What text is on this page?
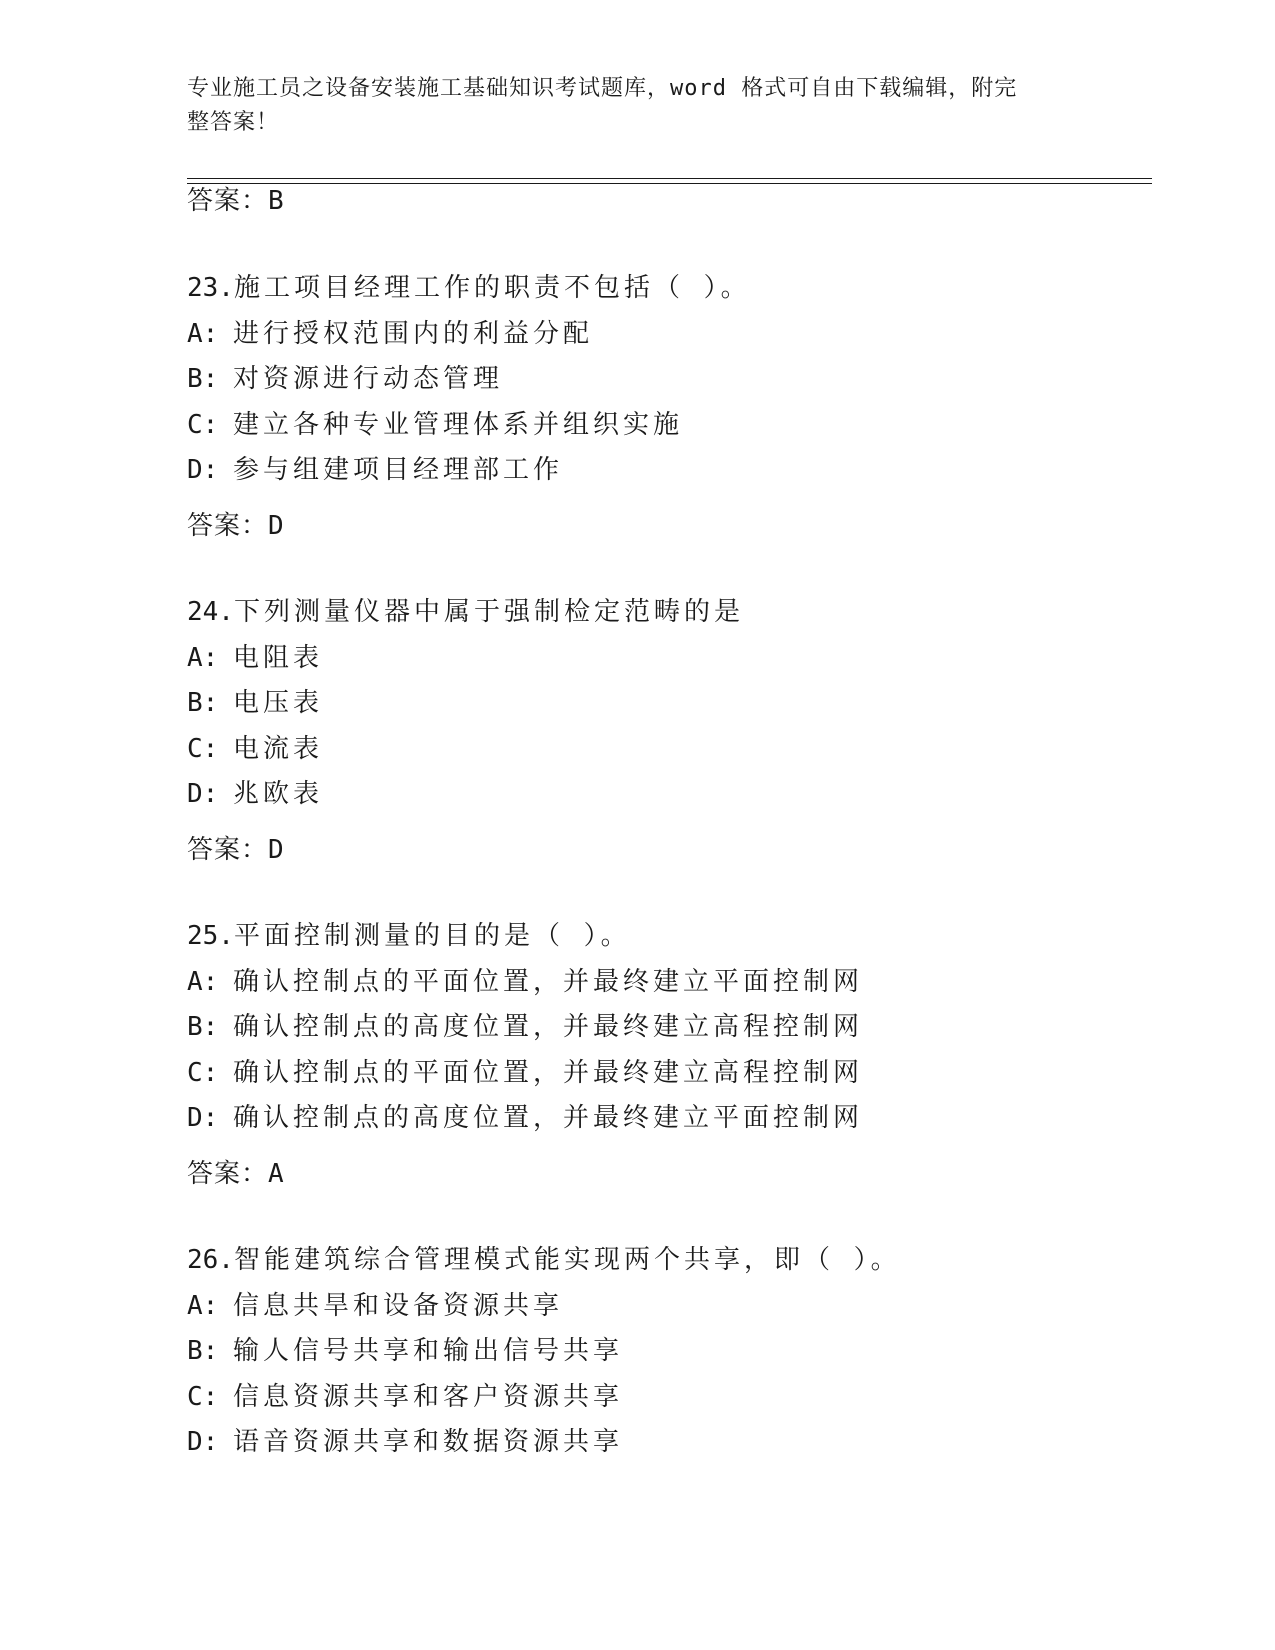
专业施工员之设备安装施工基础知识考试题库，word 格式可自由下载编辑，附完
整答案！
答案：B
23.施工项目经理工作的职责不包括（ ）。
A: 进行授权范围内的利益分配
B: 对资源进行动态管理
C: 建立各种专业管理体系并组织实施
D: 参与组建项目经理部工作
答案：D
24.下列测量仪器中属于强制检定范畴的是
A: 电阻表
B: 电压表
C: 电流表
D: 兆欧表
答案：D
25.平面控制测量的目的是（ ）。
A: 确认控制点的平面位置，并最终建立平面控制网
B: 确认控制点的高度位置，并最终建立高程控制网
C: 确认控制点的平面位置，并最终建立高程控制网
D: 确认控制点的高度位置，并最终建立平面控制网
答案：A
26.智能建筑综合管理模式能实现两个共享，即（ ）。
A: 信息共旱和设备资源共享
B: 输人信号共享和输出信号共享
C: 信息资源共享和客户资源共享
D: 语音资源共享和数据资源共享
